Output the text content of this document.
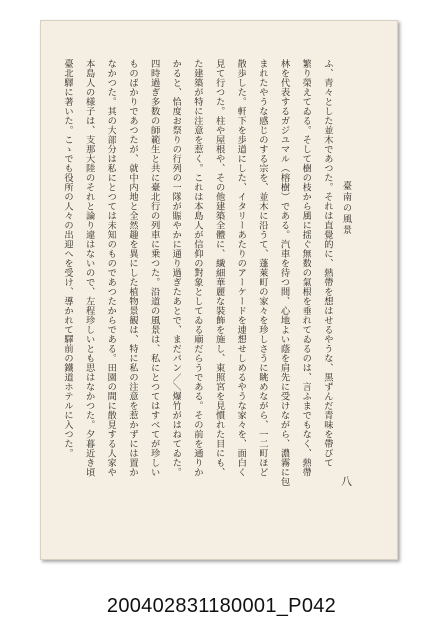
臺南の風景
八
ふ、青々とした並木であつた。それは直覺的に、熱帶を想はせるやうな、黒ずんだ青味を帶びて
繁り榮えてゐる。そして樹の枝から風に揺ぐ無数の氣根を垂れてゐるのは、言ふまでもなく、熱帶
林を代表するガジユマル（榕樹）である。汽車を待つ間、心地よい蔭を肩先に受けながら、濃霧に包
まれたやうな感じのする宗を、並木に沿うて、蓬萊町の家々を珍しさうに眺めながら、一二町ほど
散歩した。軒下を歩道にした、イタリーあたりのアーケードを連想せしめるやうな家々を、面白く
見て行つた。柱や屋根や、その他建築全體に、繊細華麗な裝飾を施し、東照宮を見慣れた目にも、
た建築が特に注意を惹く。これは本島人が信仰の對象としてゐる廟だらうである。その前を通りか
かると、恰度お祭りの行列の一隊が賑やかに通り過ぎたあとで、まだパン／＼爆竹がはねてゐた。
四時過ぎ多数の師範生と共に臺北行の列車に乗つた。沿道の風景は、私にとつてはすべてが珍しい
ものばかりであつたが、就中内地と全然趣を異にした植物景観は、特に私の注意を惹かずには置か
なかつた。其の大部分は私にとつては未知のものであつたからである。田園の間に散見する人家や
本島人の様子は、支那大陸のそれと論り違はないので、左程珍しいとも思はなかつた。夕暮近き頃
臺北驛に著いた。こゝでも役所の人々の出迎へを受け、導かれて驛前の鐵道ホテルに入つた。
200402831180001_P042
